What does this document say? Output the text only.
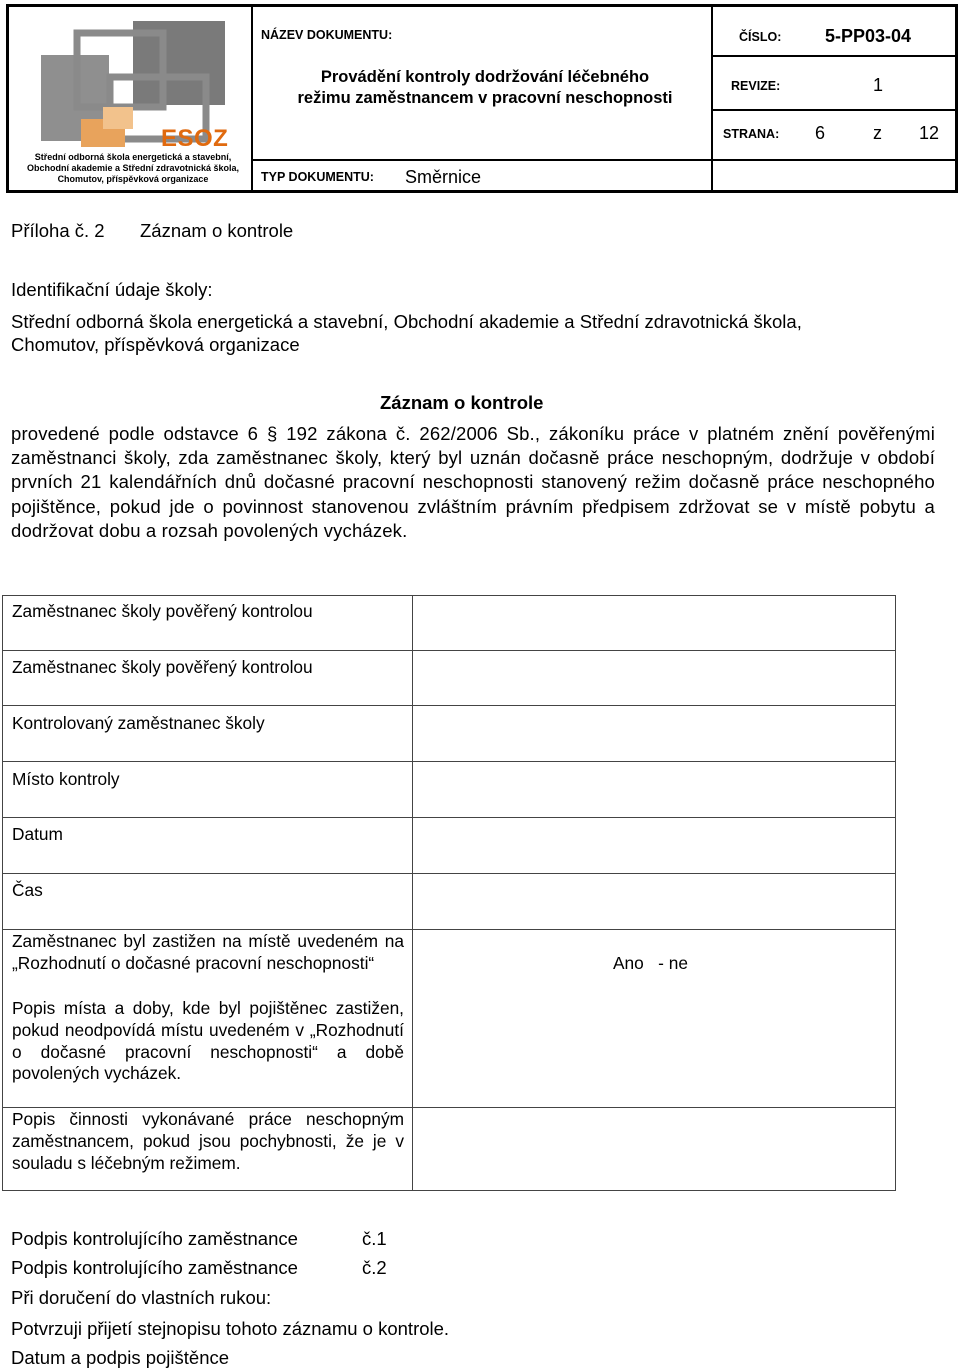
ESOZ
Střední odborná škola energetická a stavební,
Obchodní akademie a Střední zdravotnická škola,
Chomutov, příspěvková organizace
NÁZEV DOKUMENTU:
Provádění kontroly dodržování léčebného
režimu zaměstnancem v pracovní neschopnosti
TYP DOKUMENTU: Směrnice
ČÍSLO: 5-PP03-04
REVIZE:	1
STRANA: 6	z 12
Příloha č. 2 Záznam o kontrole
Identifikační údaje školy:
Střední odborná škola energetická a stavební, Obchodní akademie a Střední zdravotnická škola,
Chomutov, příspěvková organizace
Záznam o kontrole
provedené podle odstavce 6 § 192 zákona č. 262/2006 Sb., zákoníku práce v platném znění pověřenými zaměstnanci školy, zda zaměstnanec školy, který byl uznán dočasně práce neschopným, dodržuje v období prvních 21 kalendářních dnů dočasné pracovní neschopnosti stanovený režim dočasně práce neschopného pojištěnce, pokud jde o povinnost stanovenou zvláštním právním předpisem zdržovat se v místě pobytu a dodržovat dobu a rozsah povolených vycházek.
Zaměstnanec školy pověřený kontrolou
Zaměstnanec školy pověřený kontrolou
Kontrolovaný zaměstnanec školy
Místo kontroly
Datum
Čas
Zaměstnanec byl zastižen na místě uvedeném na „Rozhodnutí o dočasné pracovní neschopnosti“
Popis místa a doby, kde byl pojištěnec zastižen, pokud neodpovídá místu uvedeném v „Rozhodnutí o dočasné pracovní neschopnosti“ a době povolených vycházek.
Ano   - ne
Popis činnosti vykonávané práce neschopným zaměstnancem, pokud jsou pochybnosti, že je v souladu s léčebným režimem.
Podpis kontrolujícího zaměstnance	č.1
Podpis kontrolujícího zaměstnance	č.2
Při doručení do vlastních rukou:
Potvrzuji přijetí stejnopisu tohoto záznamu o kontrole.
Datum a podpis pojištěnce
